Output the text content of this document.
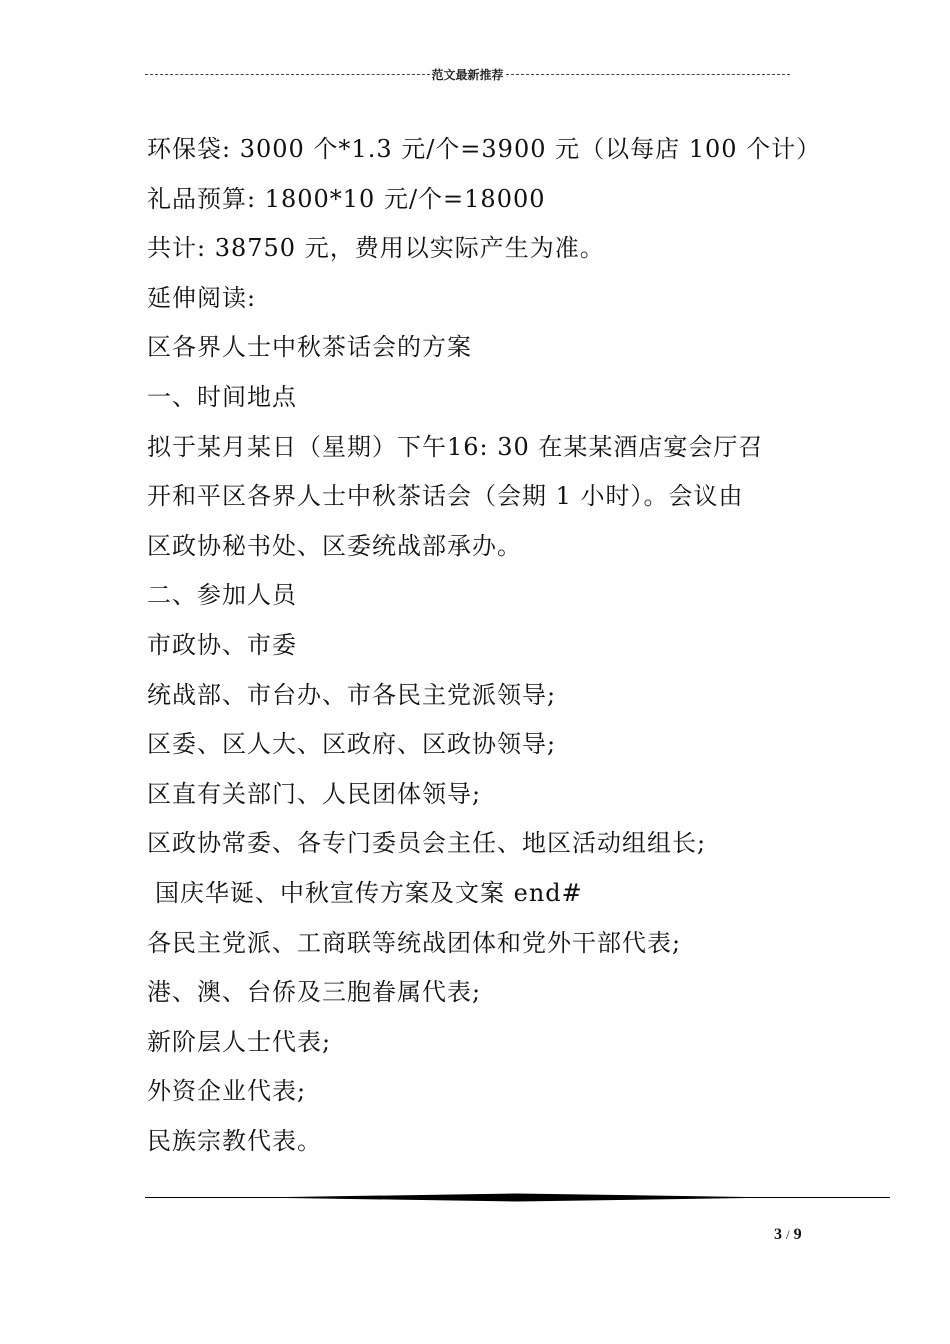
范文最新推荐
环保袋: 3000 个*1.3 元/个=3900 元（以每店 100 个计）
礼品预算: 1800*10 元/个=18000
共计: 38750 元，费用以实际产生为准。
延伸阅读:
区各界人士中秋茶话会的方案
一、时间地点
拟于某月某日（星期）下午16: 30 在某某酒店宴会厅召
开和平区各界人士中秋茶话会（会期 1 小时）。会议由
区政协秘书处、区委统战部承办。
二、参加人员
市政协、市委
统战部、市台办、市各民主党派领导;
区委、区人大、区政府、区政协领导;
区直有关部门、人民团体领导;
区政协常委、各专门委员会主任、地区活动组组长;
国庆华诞、中秋宣传方案及文案 end#
各民主党派、工商联等统战团体和党外干部代表;
港、澳、台侨及三胞眷属代表;
新阶层人士代表;
外资企业代表;
民族宗教代表。
3 / 9
